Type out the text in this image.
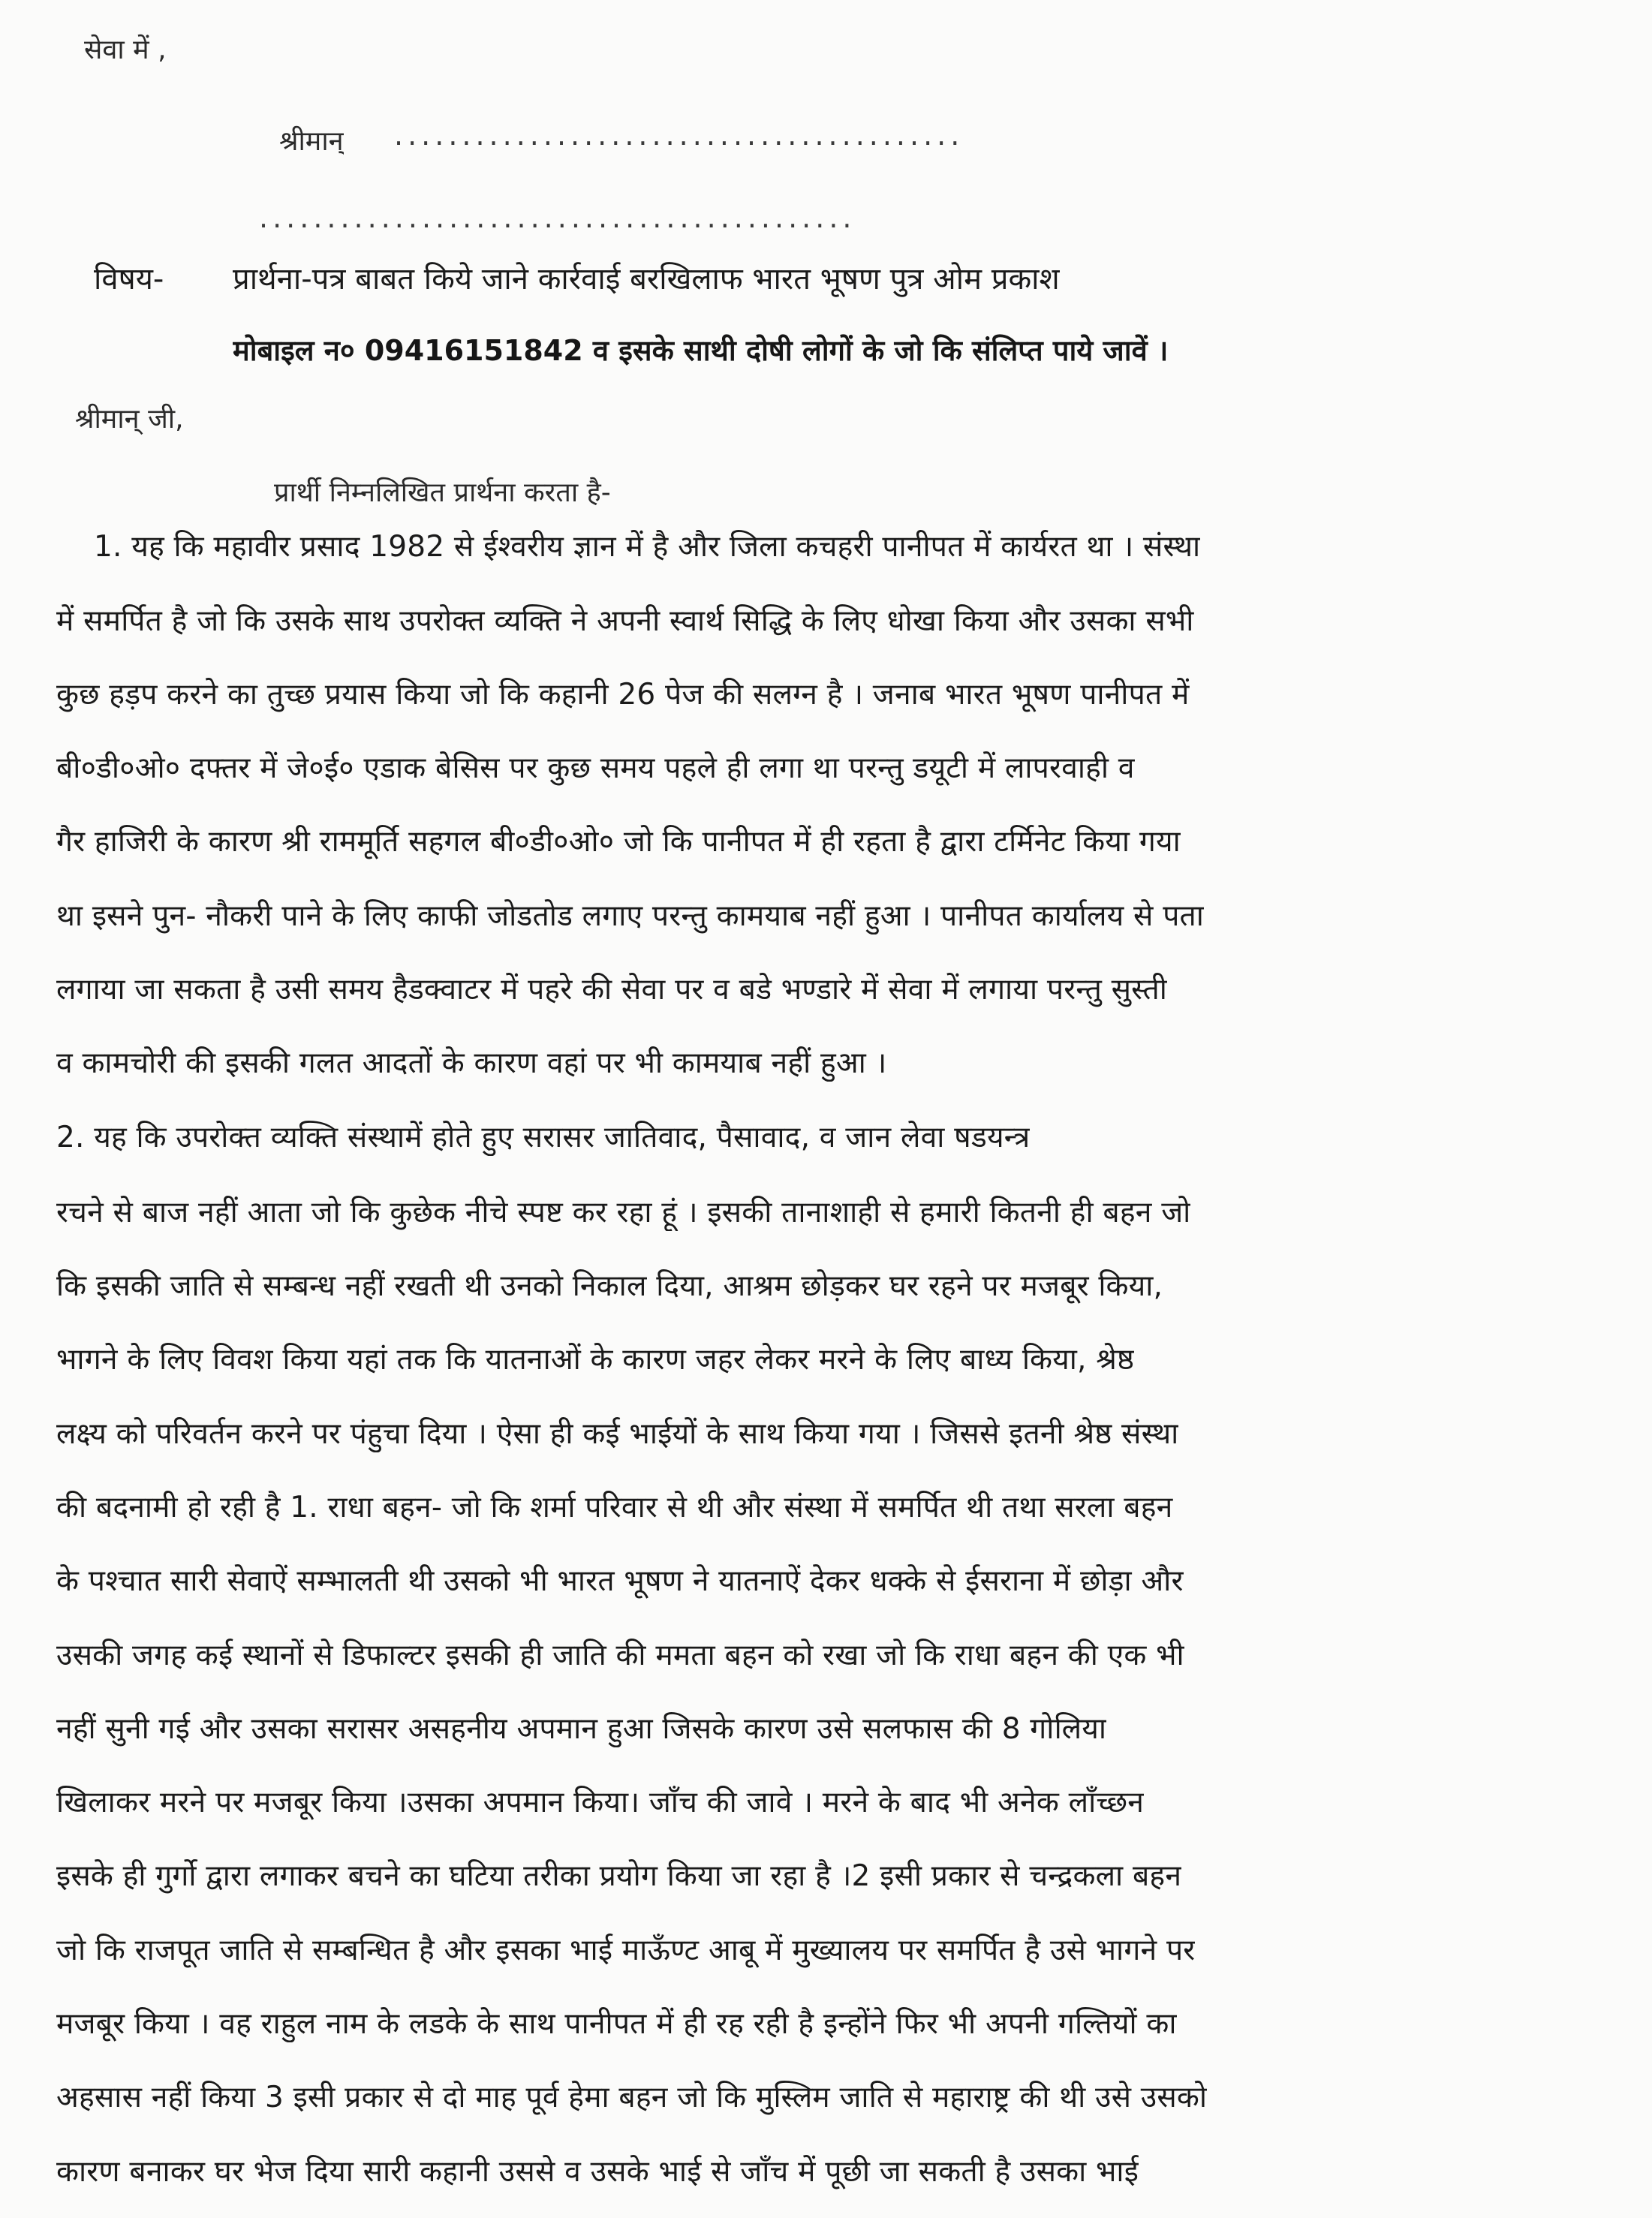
सेवा में ,
श्रीमान् ..........................................
............................................
विषय- प्रार्थना-पत्र बाबत किये जाने कार्रवाई बरखिलाफ भारत भूषण पुत्र ओम प्रकाश
मोबाइल न० 09416151842 व इसके साथी दोषी लोगों के जो कि संलिप्त पाये जावें ।
श्रीमान् जी,
प्रार्थी निम्नलिखित प्रार्थना करता है-
1. यह कि महावीर प्रसाद 1982 से ईश्वरीय ज्ञान में है और जिला कचहरी पानीपत में कार्यरत था । संस्था
में समर्पित है जो कि उसके साथ उपरोक्त व्यक्ति ने अपनी स्वार्थ सिद्धि के लिए धोखा किया और उसका सभी
कुछ हड़प करने का तुच्छ प्रयास किया जो कि कहानी 26 पेज की सलग्न है । जनाब भारत भूषण पानीपत में
बी०डी०ओ० दफ्तर में जे०ई० एडाक बेसिस पर कुछ समय पहले ही लगा था परन्तु डयूटी में लापरवाही व
गैर हाजिरी के कारण श्री राममूर्ति सहगल बी०डी०ओ० जो कि पानीपत में ही रहता है द्वारा टर्मिनेट किया गया
था इसने पुन- नौकरी पाने के लिए काफी जोडतोड लगाए परन्तु कामयाब नहीं हुआ । पानीपत कार्यालय से पता
लगाया जा सकता है उसी समय हैडक्वाटर में पहरे की सेवा पर व बडे भण्डारे में सेवा में लगाया परन्तु सुस्ती
व कामचोरी की इसकी गलत आदतों के कारण वहां पर भी कामयाब नहीं हुआ ।
2. यह कि उपरोक्त व्यक्ति संस्थामें होते हुए सरासर जातिवाद, पैसावाद, व जान लेवा षडयन्त्र
रचने से बाज नहीं आता जो कि कुछेक नीचे स्पष्ट कर रहा हूं । इसकी तानाशाही से हमारी कितनी ही बहन जो
कि इसकी जाति से सम्बन्ध नहीं रखती थी उनको निकाल दिया, आश्रम छोड़कर घर रहने पर मजबूर किया,
भागने के लिए विवश किया यहां तक कि यातनाओं के कारण जहर लेकर मरने के लिए बाध्य किया, श्रेष्ठ
लक्ष्य को परिवर्तन करने पर पंहुचा दिया । ऐसा ही कई भाईयों के साथ किया गया । जिससे इतनी श्रेष्ठ संस्था
की बदनामी हो रही है 1. राधा बहन- जो कि शर्मा परिवार से थी और संस्था में समर्पित थी तथा सरला बहन
के पश्चात सारी सेवाऐं सम्भालती थी उसको भी भारत भूषण ने यातनाऐं देकर धक्के से ईसराना में छोड़ा और
उसकी जगह कई स्थानों से डिफाल्टर इसकी ही जाति की ममता बहन को रखा जो कि राधा बहन की एक भी
नहीं सुनी गई और उसका सरासर असहनीय अपमान हुआ जिसके कारण उसे सलफास की 8 गोलिया
खिलाकर मरने पर मजबूर किया ।उसका अपमान किया। जाँच की जावे । मरने के बाद भी अनेक लाँच्छन
इसके ही गुर्गो द्वारा लगाकर बचने का घटिया तरीका प्रयोग किया जा रहा है ।2 इसी प्रकार से चन्द्रकला बहन
जो कि राजपूत जाति से सम्बन्धित है और इसका भाई माऊँण्ट आबू में मुख्यालय पर समर्पित है उसे भागने पर
मजबूर किया । वह राहुल नाम के लडके के साथ पानीपत में ही रह रही है इन्होंने फिर भी अपनी गल्तियों का
अहसास नहीं किया 3 इसी प्रकार से दो माह पूर्व हेमा बहन जो कि मुस्लिम जाति से महाराष्ट्र की थी उसे उसको
कारण बनाकर घर भेज दिया सारी कहानी उससे व उसके भाई से जाँच में पूछी जा सकती है उसका भाई
